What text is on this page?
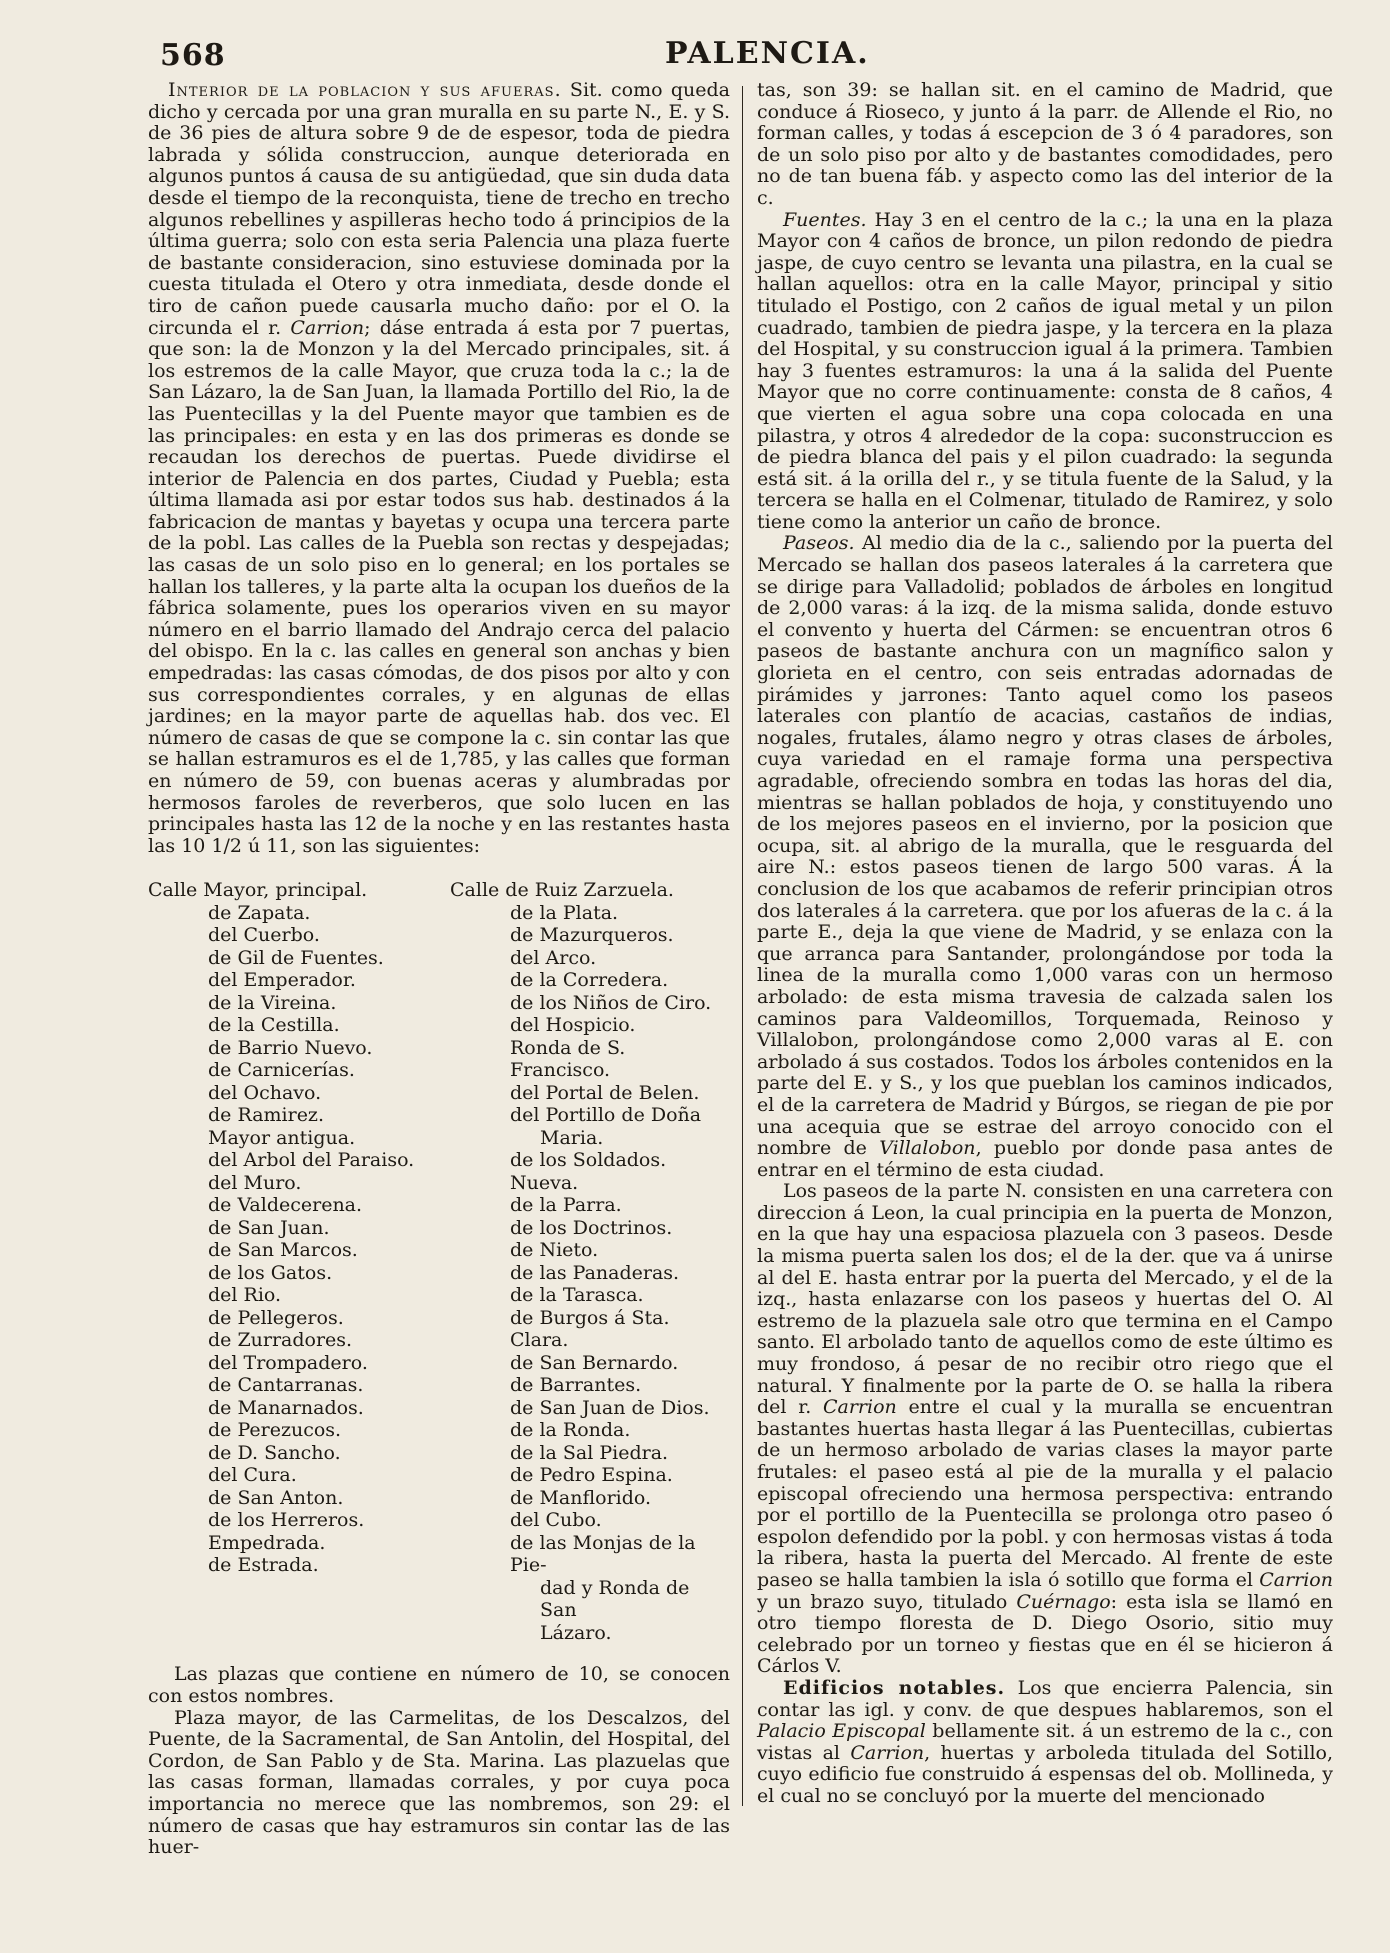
568	PALENCIA.

Interior de la poblacion y sus afueras. Sit. como queda dicho y cercada por una gran muralla en su parte N., E. y S. de 36 pies de altura sobre 9 de de espesor, toda de piedra labrada y sólida construccion, aunque deteriorada en algunos puntos á causa de su antigüedad, que sin duda data desde el tiempo de la reconquista, tiene de trecho en trecho algunos rebellines y aspilleras hecho todo á principios de la última guerra; solo con esta seria Palencia una plaza fuerte de bastante consideracion, sino estuviese dominada por la cuesta titulada el Otero y otra inmediata, desde donde el tiro de cañon puede causarla mucho daño: por el O. la circunda el r. Carrion; dáse entrada á esta por 7 puertas, que son: la de Monzon y la del Mercado principales, sit. á los estremos de la calle Mayor, que cruza toda la c.; la de San Lázaro, la de San Juan, la llamada Portillo del Rio, la de las Puentecillas y la del Puente mayor que tambien es de las principales: en esta y en las dos primeras es donde se recaudan los derechos de puertas. Puede dividirse el interior de Palencia en dos partes, Ciudad y Puebla; esta última llamada asi por estar todos sus hab. destinados á la fabricacion de mantas y bayetas y ocupa una tercera parte de la pobl. Las calles de la Puebla son rectas y despejadas; las casas de un solo piso en lo general; en los portales se hallan los talleres, y la parte alta la ocupan los dueños de la fábrica solamente, pues los operarios viven en su mayor número en el barrio llamado del Andrajo cerca del palacio del obispo. En la c. las calles en general son anchas y bien empedradas: las casas cómodas, de dos pisos por alto y con sus correspondientes corrales, y en algunas de ellas jardines; en la mayor parte de aquellas hab. dos vec. El número de casas de que se compone la c. sin contar las que se hallan estramuros es el de 1,785, y las calles que forman en número de 59, con buenas aceras y alumbradas por hermosos faroles de reverberos, que solo lucen en las principales hasta las 12 de la noche y en las restantes hasta las 10 1/2 ú 11, son las siguientes:

Calle Mayor, principal.
de Zapata.
del Cuerbo.
de Gil de Fuentes.
del Emperador.
de la Vireina.
de la Cestilla.
de Barrio Nuevo.
de Carnicerías.
del Ochavo.
de Ramirez.
Mayor antigua.
del Arbol del Paraiso.
del Muro.
de Valdecerena.
de San Juan.
de San Marcos.
de los Gatos.
del Rio.
de Pellegeros.
de Zurradores.
del Trompadero.
de Cantarranas.
de Manarnados.
de Perezucos.
de D. Sancho.
del Cura.
de San Anton.
de los Herreros.
Empedrada.
de Estrada.
Calle de Ruiz Zarzuela.
de la Plata.
de Mazurqueros.
del Arco.
de la Corredera.
de los Niños de Ciro.
del Hospicio.
Ronda de S. Francisco.
del Portal de Belen.
del Portillo de Doña
Maria.
de los Soldados.
Nueva.
de la Parra.
de los Doctrinos.
de Nieto.
de las Panaderas.
de la Tarasca.
de Burgos á Sta. Clara.
de San Bernardo.
de Barrantes.
de San Juan de Dios.
de la Ronda.
de la Sal Piedra.
de Pedro Espina.
de Manflorido.
del Cubo.
de las Monjas de la Pie-
dad y Ronda de San
Lázaro.

Las plazas que contiene en número de 10, se conocen con estos nombres.

Plaza mayor, de las Carmelitas, de los Descalzos, del Puente, de la Sacramental, de San Antolin, del Hospital, del Cordon, de San Pablo y de Sta. Marina. Las plazuelas que las casas forman, llamadas corrales, y por cuya poca importancia no merece que las nombremos, son 29: el número de casas que hay estramuros sin contar las de las huer-

tas, son 39: se hallan sit. en el camino de Madrid, que conduce á Rioseco, y junto á la parr. de Allende el Rio, no forman calles, y todas á escepcion de 3 ó 4 paradores, son de un solo piso por alto y de bastantes comodidades, pero no de tan buena fáb. y aspecto como las del interior de la c.

Fuentes. Hay 3 en el centro de la c.; la una en la plaza Mayor con 4 caños de bronce, un pilon redondo de piedra jaspe, de cuyo centro se levanta una pilastra, en la cual se hallan aquellos: otra en la calle Mayor, principal y sitio titulado el Postigo, con 2 caños de igual metal y un pilon cuadrado, tambien de piedra jaspe, y la tercera en la plaza del Hospital, y su construccion igual á la primera. Tambien hay 3 fuentes estramuros: la una á la salida del Puente Mayor que no corre continuamente: consta de 8 caños, 4 que vierten el agua sobre una copa colocada en una pilastra, y otros 4 alrededor de la copa: suconstruccion es de piedra blanca del pais y el pilon cuadrado: la segunda está sit. á la orilla del r., y se titula fuente de la Salud, y la tercera se halla en el Colmenar, titulado de Ramirez, y solo tiene como la anterior un caño de bronce.

Paseos. Al medio dia de la c., saliendo por la puerta del Mercado se hallan dos paseos laterales á la carretera que se dirige para Valladolid; poblados de árboles en longitud de 2,000 varas: á la izq. de la misma salida, donde estuvo el convento y huerta del Cármen: se encuentran otros 6 paseos de bastante anchura con un magnífico salon y glorieta en el centro, con seis entradas adornadas de pirámides y jarrones: Tanto aquel como los paseos laterales con plantío de acacias, castaños de indias, nogales, frutales, álamo negro y otras clases de árboles, cuya variedad en el ramaje forma una perspectiva agradable, ofreciendo sombra en todas las horas del dia, mientras se hallan poblados de hoja, y constituyendo uno de los mejores paseos en el invierno, por la posicion que ocupa, sit. al abrigo de la muralla, que le resguarda del aire N.: estos paseos tienen de largo 500 varas. Á la conclusion de los que acabamos de referir principian otros dos laterales á la carretera. que por los afueras de la c. á la parte E., deja la que viene de Madrid, y se enlaza con la que arranca para Santander, prolongándose por toda la linea de la muralla como 1,000 varas con un hermoso arbolado: de esta misma travesia de calzada salen los caminos para Valdeomillos, Torquemada, Reinoso y Villalobon, prolongándose como 2,000 varas al E. con arbolado á sus costados. Todos los árboles contenidos en la parte del E. y S., y los que pueblan los caminos indicados, el de la carretera de Madrid y Búrgos, se riegan de pie por una acequia que se estrae del arroyo conocido con el nombre de Villalobon, pueblo por donde pasa antes de entrar en el término de esta ciudad.

Los paseos de la parte N. consisten en una carretera con direccion á Leon, la cual principia en la puerta de Monzon, en la que hay una espaciosa plazuela con 3 paseos. Desde la misma puerta salen los dos; el de la der. que va á unirse al del E. hasta entrar por la puerta del Mercado, y el de la izq., hasta enlazarse con los paseos y huertas del O. Al estremo de la plazuela sale otro que termina en el Campo santo. El arbolado tanto de aquellos como de este último es muy frondoso, á pesar de no recibir otro riego que el natural. Y finalmente por la parte de O. se halla la ribera del r. Carrion entre el cual y la muralla se encuentran bastantes huertas hasta llegar á las Puentecillas, cubiertas de un hermoso arbolado de varias clases la mayor parte frutales: el paseo está al pie de la muralla y el palacio episcopal ofreciendo una hermosa perspectiva: entrando por el portillo de la Puentecilla se prolonga otro paseo ó espolon defendido por la pobl. y con hermosas vistas á toda la ribera, hasta la puerta del Mercado. Al frente de este paseo se halla tambien la isla ó sotillo que forma el Carrion y un brazo suyo, titulado Cuérnago: esta isla se llamó en otro tiempo floresta de D. Diego Osorio, sitio muy celebrado por un torneo y fiestas que en él se hicieron á Cárlos V.

Edificios notables. Los que encierra Palencia, sin contar las igl. y conv. de que despues hablaremos, son el Palacio Episcopal bellamente sit. á un estremo de la c., con vistas al Carrion, huertas y arboleda titulada del Sotillo, cuyo edificio fue construido á espensas del ob. Mollineda, y el cual no se concluyó por la muerte del mencionado
